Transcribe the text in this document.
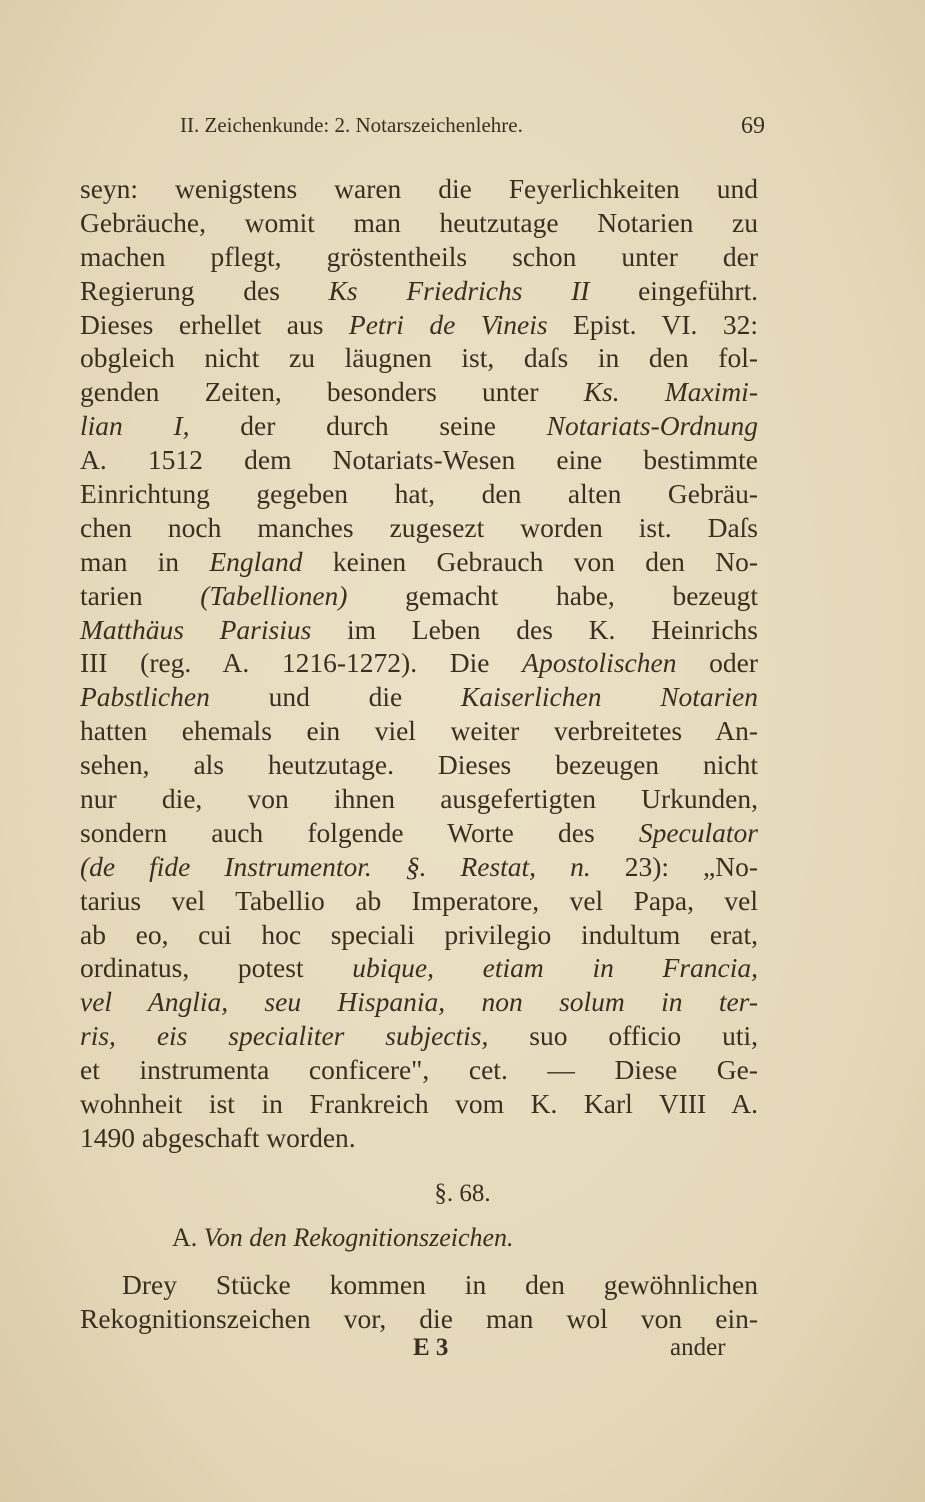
II. Zeichenkunde: 2. Notarszeichenlehre.	69
seyn: wenigstens waren die Feyerlichkeiten und
Gebräuche, womit man heutzutage Notarien zu
machen pflegt, gröstentheils schon unter der
Regierung des Ks Friedrichs II eingeführt.
Dieses erhellet aus Petri de Vineis Epist. VI. 32:
obgleich nicht zu läugnen ist, daſs in den fol-
genden Zeiten, besonders unter Ks. Maximi-
lian I, der durch seine Notariats-Ordnung
A. 1512 dem Notariats-Wesen eine bestimmte
Einrichtung gegeben hat, den alten Gebräu-
chen noch manches zugesezt worden ist. Daſs
man in England keinen Gebrauch von den No-
tarien (Tabellionen) gemacht habe, bezeugt
Matthäus Parisius im Leben des K. Heinrichs
III (reg. A. 1216-1272). Die Apostolischen oder
Pabstlichen und die Kaiserlichen Notarien
hatten ehemals ein viel weiter verbreitetes An-
sehen, als heutzutage. Dieses bezeugen nicht
nur die, von ihnen ausgefertigten Urkunden,
sondern auch folgende Worte des Speculator
(de fide Instrumentor. §. Restat, n. 23): „No-
tarius vel Tabellio ab Imperatore, vel Papa, vel
ab eo, cui hoc speciali privilegio indultum erat,
ordinatus, potest ubique, etiam in Francia,
vel Anglia, seu Hispania, non solum in ter-
ris, eis specialiter subjectis, suo officio uti,
et instrumenta conficere", cet. — Diese Ge-
wohnheit ist in Frankreich vom K. Karl VIII A.
1490 abgeschaft worden.
§. 68.
A. Von den Rekognitionszeichen.
Drey Stücke kommen in den gewöhnlichen
Rekognitionszeichen vor, die man wol von ein-
E 3	ander
